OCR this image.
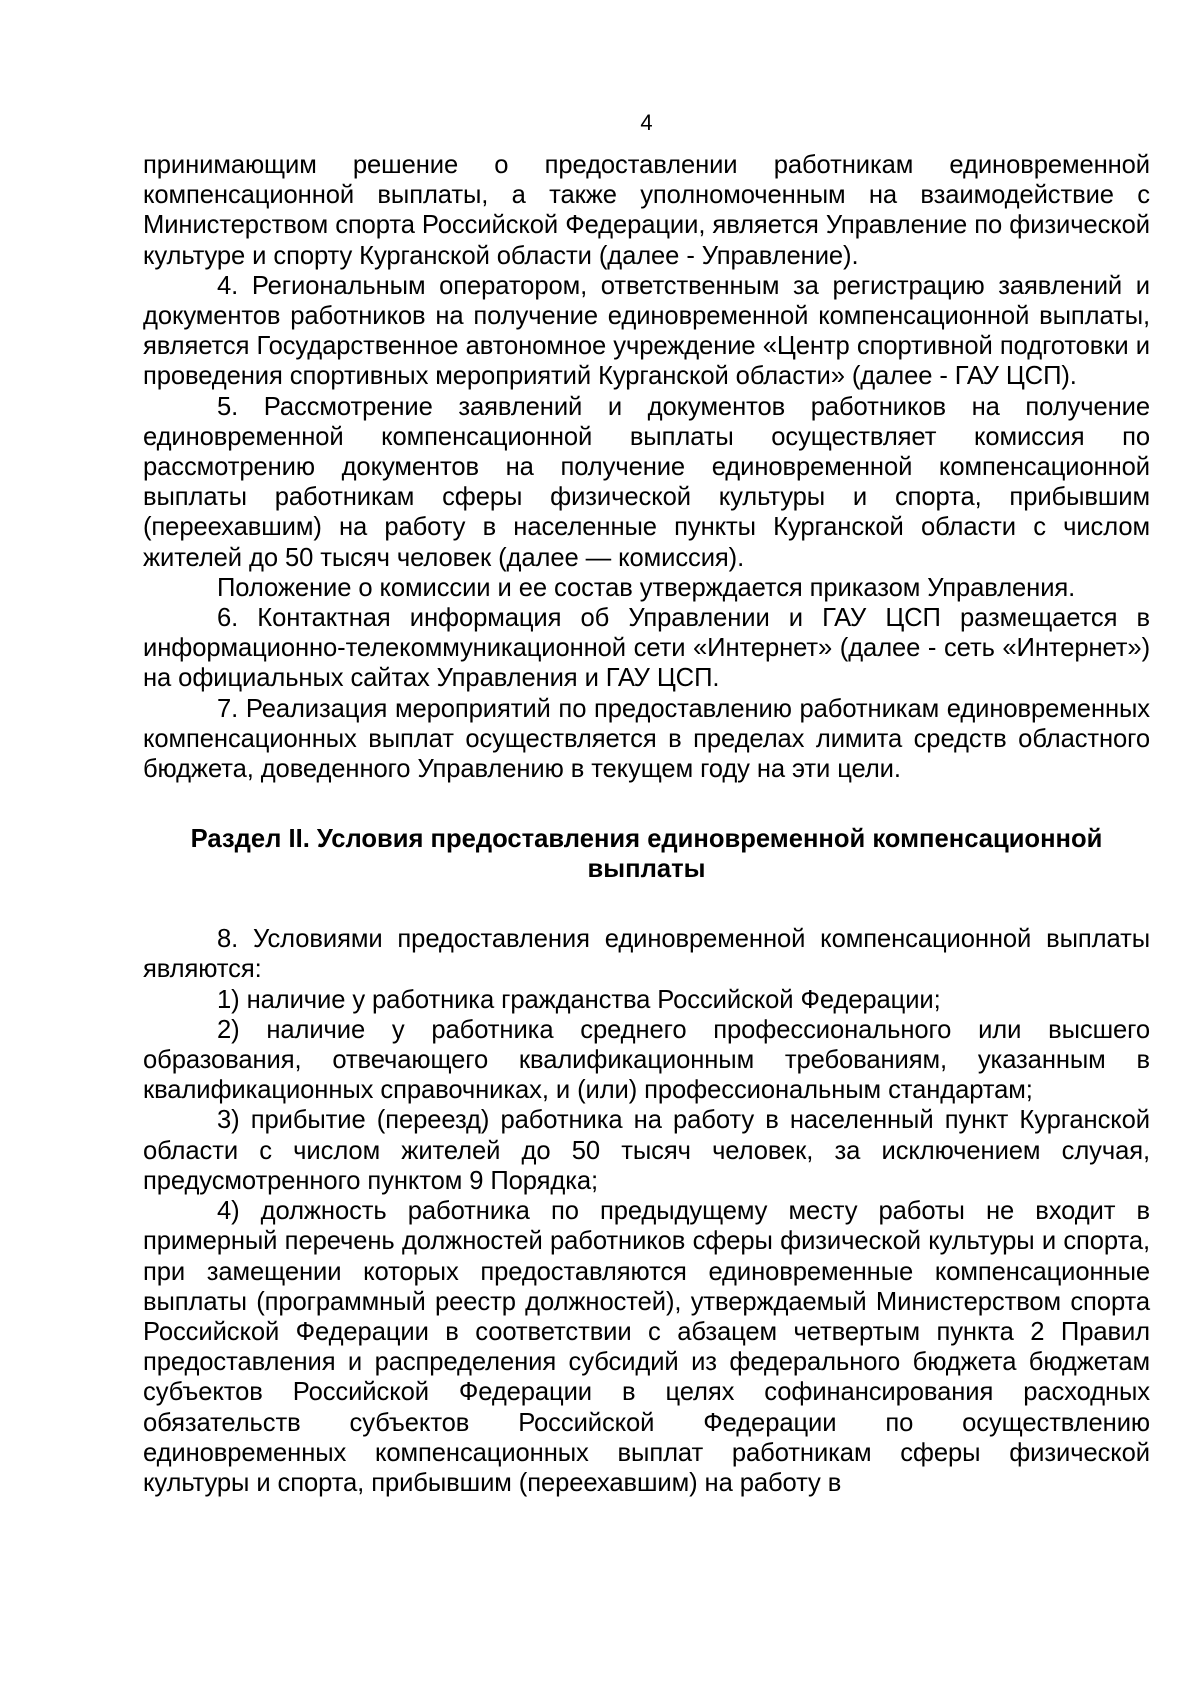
4

принимающим решение о предоставлении работникам единовременной компенсационной выплаты, а также уполномоченным на взаимодействие с Министерством спорта Российской Федерации, является Управление по физической культуре и спорту Курганской области (далее - Управление).

4. Региональным оператором, ответственным за регистрацию заявлений и документов работников на получение единовременной компенсационной выплаты, является Государственное автономное учреждение «Центр спортивной подготовки и проведения спортивных мероприятий Курганской области» (далее - ГАУ ЦСП).

5. Рассмотрение заявлений и документов работников на получение единовременной компенсационной выплаты осуществляет комиссия по рассмотрению документов на получение единовременной компенсационной выплаты работникам сферы физической культуры и спорта, прибывшим (переехавшим) на работу в населенные пункты Курганской области с числом жителей до 50 тысяч человек (далее — комиссия).

Положение о комиссии и ее состав утверждается приказом Управления.

6. Контактная информация об Управлении и ГАУ ЦСП размещается в информационно-телекоммуникационной сети «Интернет» (далее - сеть «Интернет») на официальных сайтах Управления и ГАУ ЦСП.

7. Реализация мероприятий по предоставлению работникам единовременных компенсационных выплат осуществляется в пределах лимита средств областного бюджета, доведенного Управлению в текущем году на эти цели.

Раздел II. Условия предоставления единовременной компенсационной выплаты

8. Условиями предоставления единовременной компенсационной выплаты являются:

1) наличие у работника гражданства Российской Федерации;

2) наличие у работника среднего профессионального или высшего образования, отвечающего квалификационным требованиям, указанным в квалификационных справочниках, и (или) профессиональным стандартам;

3) прибытие (переезд) работника на работу в населенный пункт Курганской области с числом жителей до 50 тысяч человек, за исключением случая, предусмотренного пунктом 9 Порядка;

4) должность работника по предыдущему месту работы не входит в примерный перечень должностей работников сферы физической культуры и спорта, при замещении которых предоставляются единовременные компенсационные выплаты (программный реестр должностей), утверждаемый Министерством спорта Российской Федерации в соответствии с абзацем четвертым пункта 2 Правил предоставления и распределения субсидий из федерального бюджета бюджетам субъектов Российской Федерации в целях софинансирования расходных обязательств субъектов Российской Федерации по осуществлению единовременных компенсационных выплат работникам сферы физической культуры и спорта, прибывшим (переехавшим) на работу в
